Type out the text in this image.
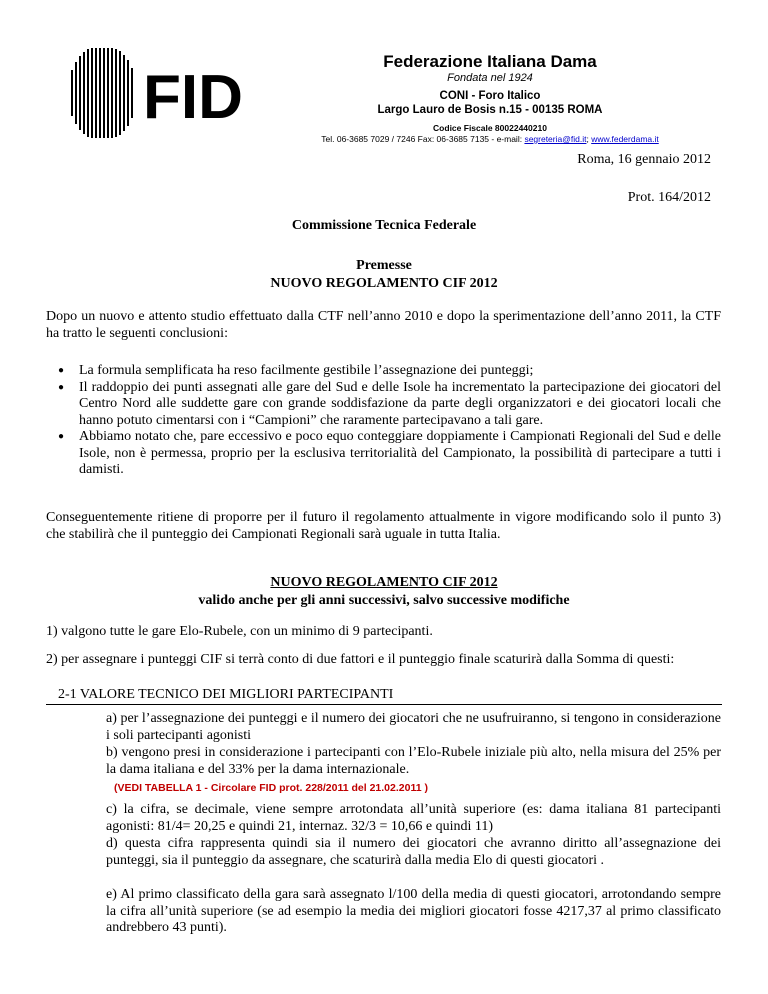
FID
Federazione Italiana Dama
Fondata nel 1924
CONI - Foro Italico
Largo Lauro de Bosis n.15 - 00135 ROMA
Codice Fiscale 80022440210
Tel. 06-3685 7029 / 7246 Fax: 06-3685 7135 - e-mail: segreteria@fid.it; www.federdama.it
Roma, 16 gennaio 2012
Prot. 164/2012
Commissione Tecnica Federale
Premesse
NUOVO REGOLAMENTO CIF 2012
Dopo un nuovo e attento studio effettuato dalla CTF nell’anno 2010 e dopo la sperimentazione dell’anno 2011, la CTF ha tratto le seguenti conclusioni:
● La formula semplificata ha reso facilmente gestibile l’assegnazione dei punteggi;
● Il raddoppio dei punti assegnati alle gare del Sud e delle Isole ha incrementato la partecipazione dei giocatori del Centro Nord alle suddette gare con grande soddisfazione da parte degli organizzatori e dei giocatori locali che hanno potuto cimentarsi con i “Campioni” che raramente partecipavano a tali gare.
● Abbiamo notato che, pare eccessivo e poco equo conteggiare doppiamente i Campionati Regionali del Sud e delle Isole, non è permessa, proprio per la esclusiva territorialità del Campionato, la possibilità di partecipare a tutti i damisti.
Conseguentemente ritiene di proporre per il futuro il regolamento attualmente in vigore modificando solo il punto 3) che stabilirà che il punteggio dei Campionati Regionali sarà uguale in tutta Italia.
NUOVO REGOLAMENTO CIF 2012
valido anche per gli anni successivi, salvo successive modifiche
1) valgono tutte le gare Elo-Rubele, con un minimo di 9 partecipanti.
2) per assegnare i punteggi CIF si terrà conto di due fattori e il punteggio finale scaturirà dalla Somma di questi:
2-1 VALORE TECNICO DEI MIGLIORI PARTECIPANTI
a) per l’assegnazione dei punteggi e il numero dei giocatori che ne usufruiranno, si tengono in considerazione i soli partecipanti agonisti
b) vengono presi in considerazione i partecipanti con l’Elo-Rubele iniziale più alto, nella misura del 25% per la dama italiana e del 33% per la dama internazionale.
(VEDI TABELLA 1 - Circolare FID prot. 228/2011 del 21.02.2011 )
c) la cifra, se decimale, viene sempre arrotondata all’unità superiore (es: dama italiana 81 partecipanti agonisti: 81/4= 20,25 e quindi 21, internaz. 32/3 = 10,66 e quindi 11)
d) questa cifra rappresenta quindi sia il numero dei giocatori che avranno diritto all’assegnazione dei punteggi, sia il punteggio da assegnare, che scaturirà dalla media Elo di questi giocatori .
e) Al primo classificato della gara sarà assegnato l/100 della media di questi giocatori, arrotondando sempre la cifra all’unità superiore (se ad esempio la media dei migliori giocatori fosse 4217,37 al primo classificato andrebbero 43 punti).
